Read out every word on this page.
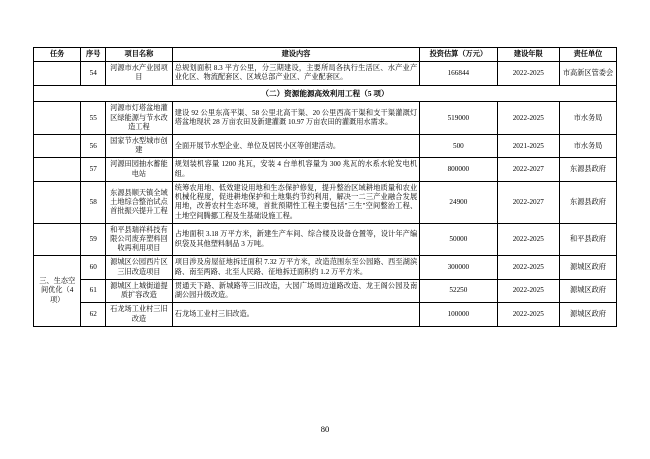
任务	序号	项目名称	建设内容	投资估算（万元）	建设年限	责任单位
	54	河源市水产业园项目	总规划面积 8.3 平方公里，分三期建设，主要所局各执行生活区、水产业产业化区、物流配套区、区域总部产业区、产业配套区。	166844	2022-2025	市高新区管委会
（二）资源能源高效利用工程（5 项）						
	55	河源市灯塔盆地灌区绿能源与节水改造工程	建设 92 公里东高平渠、58 公里北高干渠、20 公里西高干渠和支干渠灌溉灯塔盆地现状 28 万亩农田及新建灌溉 10.97 万亩农田的灌溉用水需求。	519000	2022-2025	市水务局
	56	国家节水型城市创建	全面开展节水型企业、单位及居民小区等创建活动。	500	2021-2025	市水务局
	57	河源田园抽水蓄能电站	规划装机容量 1200 兆瓦，安装 4 台单机容量为 300 兆瓦的水系水轮发电机组。	800000	2022-2027	东源县政府
	58	东源县顺天镇全域土地综合整治试点首批振兴提升工程	统筹农用地、低效建设用地和生态保护修复，提升整治区域耕地质量和农业机械化程度，促进耕地保护和土地集约节约利用，解决一二三产业融合发展用地，改善农村生态环境，首批预期性工程主要包括"三生"空间整治工程、土地空间腾挪工程及生基础设施工程。	24900	2022-2027	东源县政府
	59	和平县瑞祥科技有限公司废弃塑料回收再利用项目	占地面积 3.18 万平方米，新建生产车间、综合楼及设备仓置等，设计年产编织袋及其他塑料制品 3 万吨。	50000	2022-2025	和平县政府
三、生态空间优化（4 项）	60	源城区公园西片区三旧改造项目	项目涉及房屋征地拆迁面积 7.32 万平方米，改造范围东至公园路、西至湖滨路、南至两路、北至人民路、征地拆迁面积约 1.2 万平方米。	300000	2022-2025	源城区政府
	61	源城区上城街道提质扩容改造	贯通天下路、新城路等三旧改造，大园广场周边道路改造、龙王阁公园及南湖公园升级改造。	52250	2022-2025	源城区政府
	62	石龙场工业村三旧改造	石龙场工业村三旧改造。	100000	2022-2025	源城区政府
80
